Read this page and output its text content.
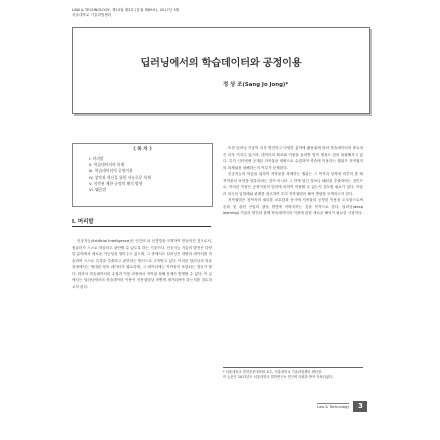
LAW & TECHNOLOGY, 제13권 제3호 (통권 제69호), 2017년 5월
서울대학교 기술과법센터
딥러닝에서의 학습데이터와 공정이용
정 상 조(Sang Jo Jong)*
《 목 차 》
I. 머리말
II. 학습데이터의 복제
III. 학습데이터의 공정이용
IV. 창작과 혁신을 위한 자유로운 복제
V. 저작권 제한 규정의 해석 방향
VI. 맺음말
I. 머리말

인공지능(Artificial Intelligence)은 인간의 뇌 신경망을 모방하여 만들어진 것으로서, 컴퓨터가 스스로 학습하고 판단할 수 있도록 하는 기술이다. 인공지능 기술의 발전은 다양한 분야에서 새로운 가능성을 열어주고 있으며, 그 중에서도 딥러닝은 대량의 데이터를 학습하여 스스로 특징을 추출하고 판단하는 방식으로 주목받고 있다. 이러한 딥러닝의 학습 과정에서는 방대한 양의 데이터가 필요하며, 그 데이터에는 저작물이 포함되는 경우가 많다. 따라서 학습데이터의 수집과 이용 과정에서 저작권 침해 문제가 발생할 수 있다. 이 글에서는 딥러닝에서의 학습데이터 이용이 저작권법상 어떻게 평가되어야 하는지를 검토하고자 한다.

또한 딥러닝 기술이 더욱 발전하고 다양한 분야에 활용됨에 따라 학습데이터의 중요성은 더욱 커지고 있으며, 데이터의 확보와 이용을 둘러싼 법적 쟁점도 점차 복잡해지고 있다. 특히 인터넷에 공개된 저작물을 대량으로 수집하여 학습에 이용하는 행위가 저작권자의 복제권을 침해하는지 여부가 문제된다.

인공지능의 학습을 위하여 저작물을 복제하는 행위는 그 목적과 성격에 비추어 볼 때 저작물의 표현을 향유하려는 것이 아니라 그 안에 담긴 정보나 패턴을 추출하려는 것이므로, 이러한 이용은 공정이용의 법리에 의하여 허용될 수 있는지 검토할 필요가 있다. 아울러 외국의 입법례와 판례를 참고하여 우리 저작권법의 해석 방향을 모색하고자 한다.

저작권법은 창작자의 권리를 보호함과 동시에 저작물의 공정한 이용을 도모함으로써 문화 및 관련 산업의 향상 발전에 이바지하는 것을 목적으로 한다. 딥러닝(deep learning) 기술의 발전과 함께 학습데이터의 이용에 관한 새로운 해석이 필요한 시점이다.

* 서울대학교 법학전문대학원 교수, 서울대학교 기술과법센터 센터장.

이 논문은 2017년도 서울대학교 법학연구소 연구비 지원을 받아 작성되었다.

Law & Technology	3
